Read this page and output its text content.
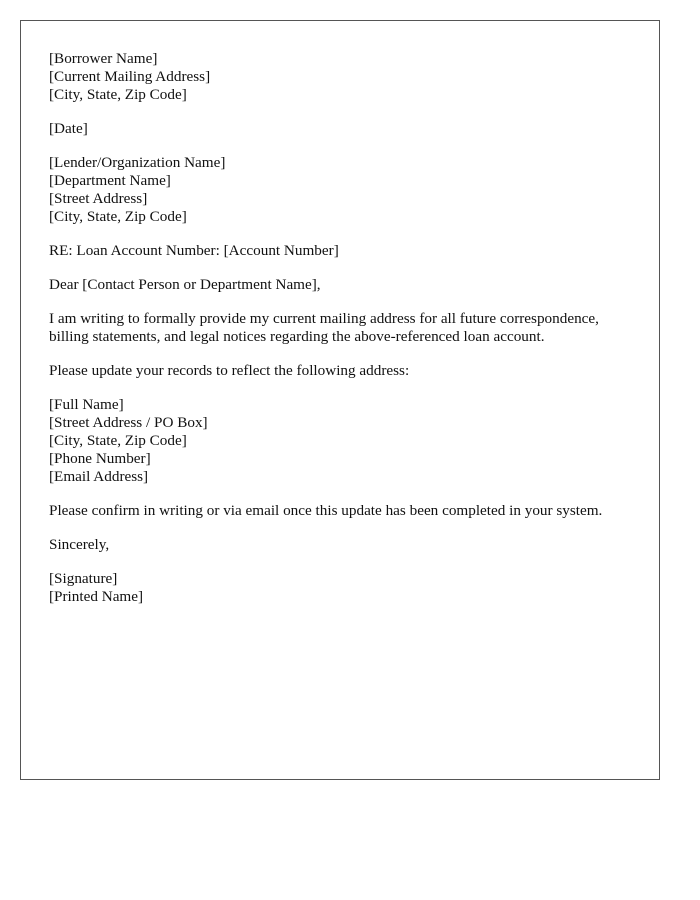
[Borrower Name]
[Current Mailing Address]
[City, State, Zip Code]
[Date]
[Lender/Organization Name]
[Department Name]
[Street Address]
[City, State, Zip Code]
RE: Loan Account Number: [Account Number]
Dear [Contact Person or Department Name],

I am writing to formally provide my current mailing address for all future correspondence, billing statements, and legal notices regarding the above-referenced loan account.

Please update your records to reflect the following address:

[Full Name]
[Street Address / PO Box]
[City, State, Zip Code]
[Phone Number]
[Email Address]

Please confirm in writing or via email once this update has been completed in your system.

Sincerely,
[Signature]
[Printed Name]
